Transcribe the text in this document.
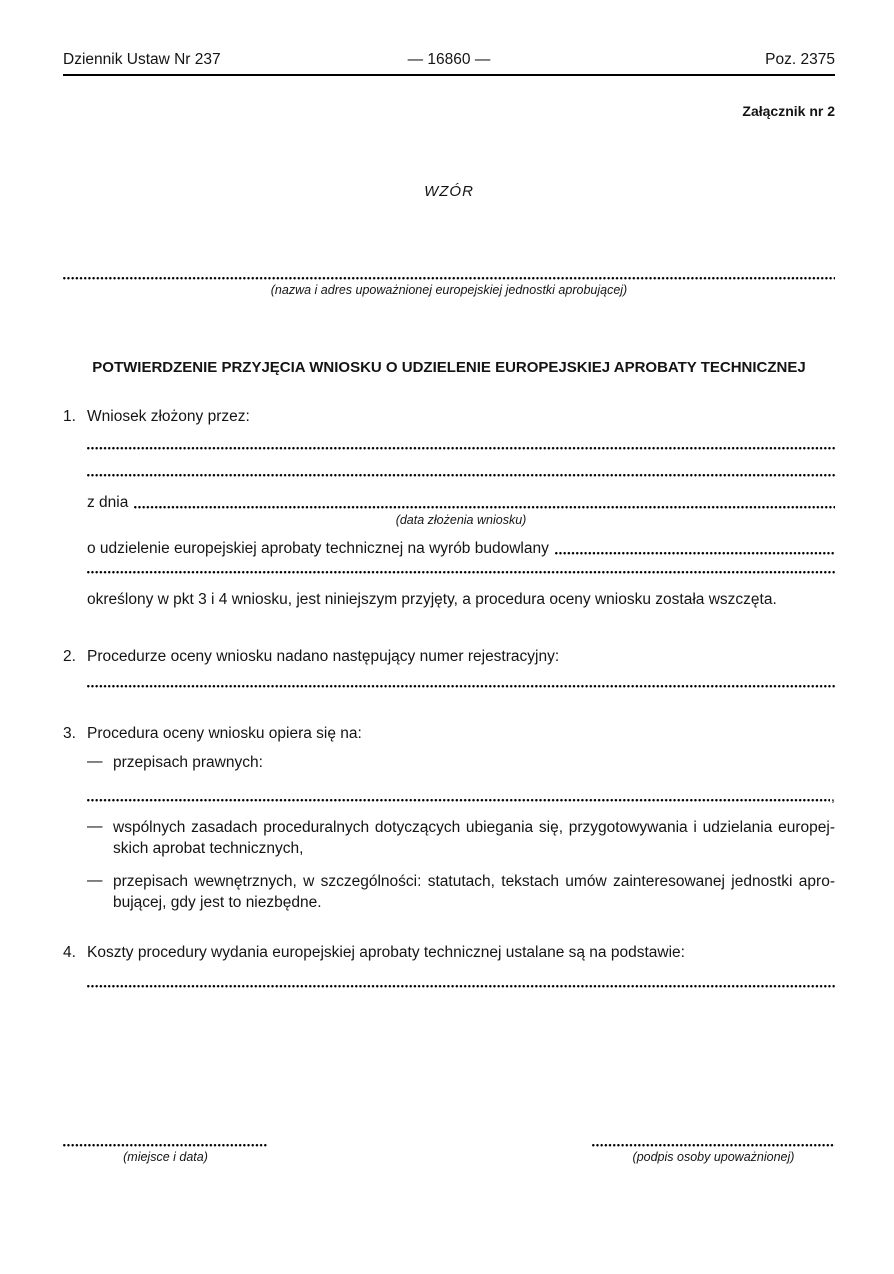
Dziennik Ustaw Nr 237	— 16860 —	Poz. 2375
Załącznik nr 2
WZÓR
(nazwa i adres upoważnionej europejskiej jednostki aprobującej)
POTWIERDZENIE PRZYJĘCIA WNIOSKU O UDZIELENIE EUROPEJSKIEJ APROBATY TECHNICZNEJ
1. Wniosek złożony przez:
z dnia
(data złożenia wniosku)
o udzielenie europejskiej aprobaty technicznej na wyrób budowlany
określony w pkt 3 i 4 wniosku, jest niniejszym przyjęty, a procedura oceny wniosku została wszczęta.
2. Procedurze oceny wniosku nadano następujący numer rejestracyjny:
3. Procedura oceny wniosku opiera się na:
— przepisach prawnych:
,
— wspólnych zasadach proceduralnych dotyczących ubiegania się, przygotowywania i udzielania europejskich aprobat technicznych,
— przepisach wewnętrznych, w szczególności: statutach, tekstach umów zainteresowanej jednostki aprobującej, gdy jest to niezbędne.
4. Koszty procedury wydania europejskiej aprobaty technicznej ustalane są na podstawie:
(miejsce i data)	(podpis osoby upoważnionej)
